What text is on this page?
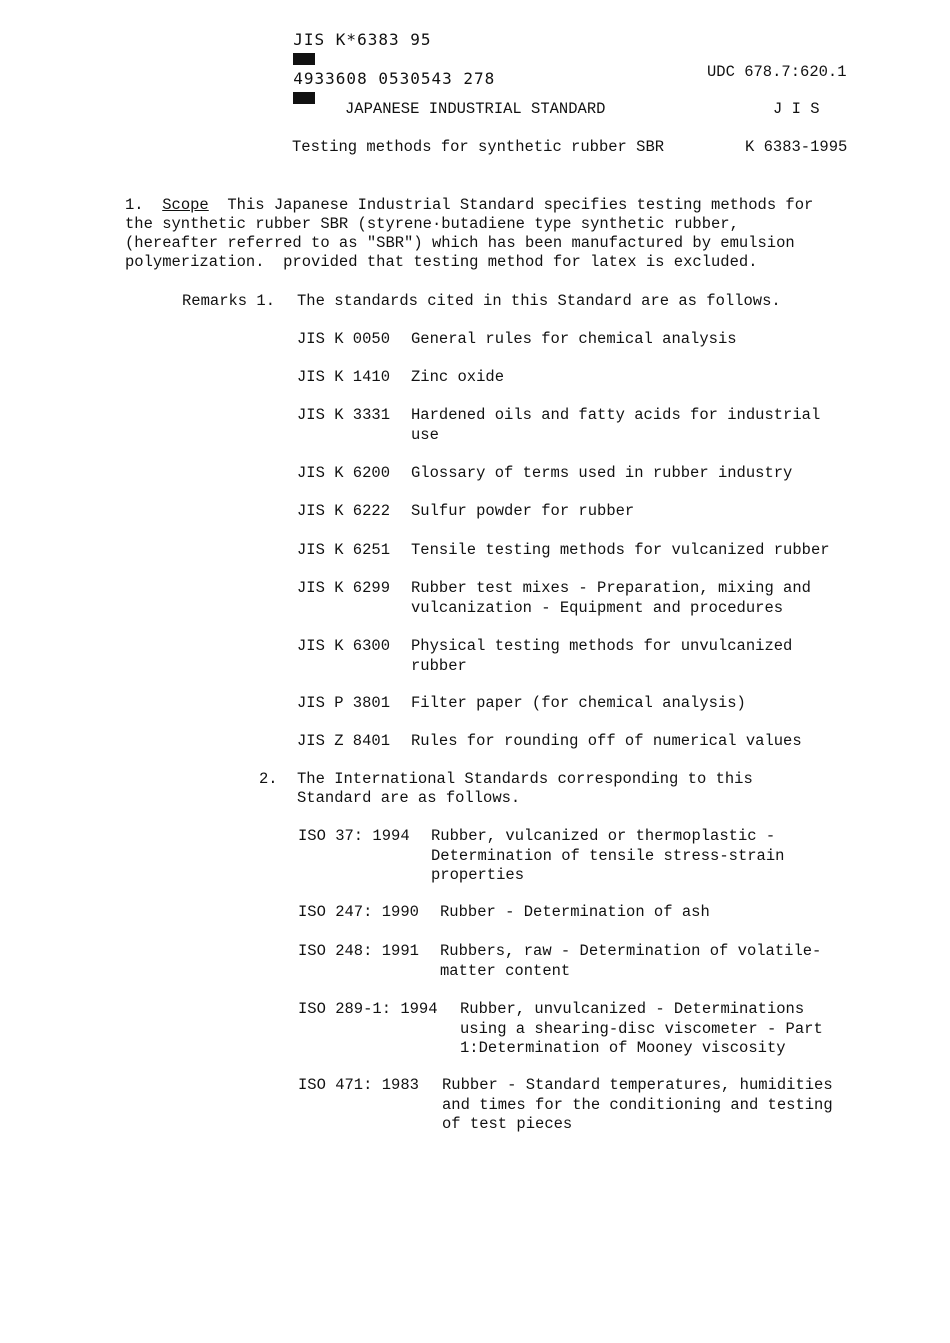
JIS K*6383 95

4933608 0530543 278
	UDC 678.7:620.1
JAPANESE INDUSTRIAL STANDARD	J I S
Testing methods for synthetic rubber SBR	K 6383-1995
1. Scope This Japanese Industrial Standard specifies testing methods for
the synthetic rubber SBR (styrene·butadiene type synthetic rubber,
(hereafter referred to as "SBR") which has been manufactured by emulsion
polymerization.  provided that testing method for latex is excluded.
Remarks 1. The standards cited in this Standard are as follows.
JIS K 0050 General rules for chemical analysis
JIS K 1410 Zinc oxide
JIS K 3331 Hardened oils and fatty acids for industrial use
JIS K 6200 Glossary of terms used in rubber industry
JIS K 6222 Sulfur powder for rubber
JIS K 6251 Tensile testing methods for vulcanized rubber
JIS K 6299 Rubber test mixes - Preparation, mixing and vulcanization - Equipment and procedures
JIS K 6300 Physical testing methods for unvulcanized rubber
JIS P 3801 Filter paper (for chemical analysis)
JIS Z 8401 Rules for rounding off of numerical values
2. The International Standards corresponding to this
Standard are as follows.
ISO 37: 1994 Rubber, vulcanized or thermoplastic - Determination of tensile stress-strain properties
ISO 247: 1990 Rubber - Determination of ash
ISO 248: 1991 Rubbers, raw - Determination of volatile-matter content
ISO 289-1: 1994 Rubber, unvulcanized - Determinations using a shearing-disc viscometer - Part 1:Determination of Mooney viscosity
ISO 471: 1983 Rubber - Standard temperatures, humidities and times for the conditioning and testing of test pieces
